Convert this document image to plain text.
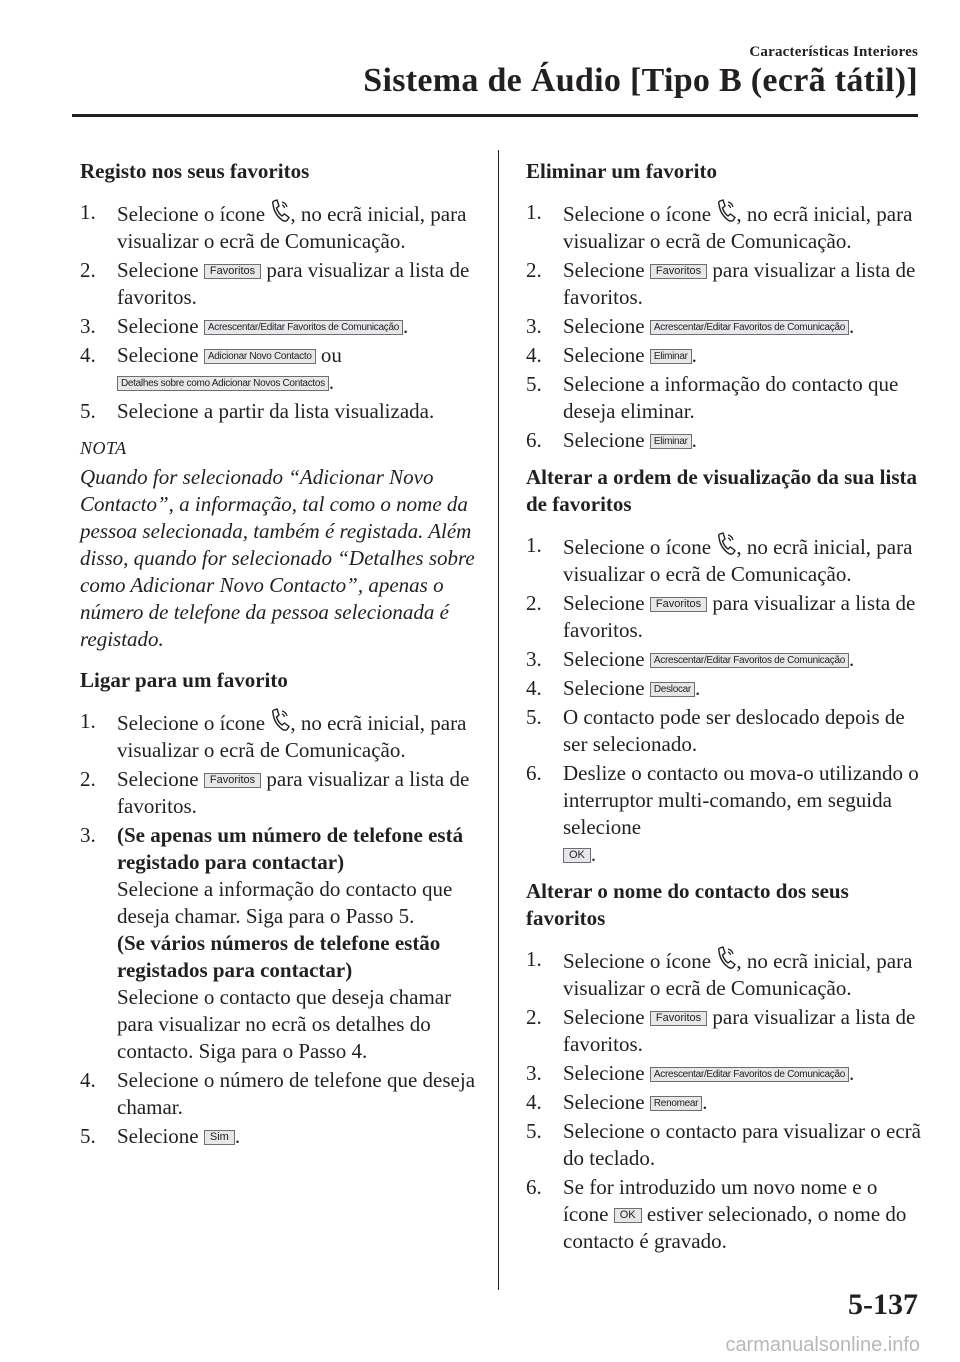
Características Interiores
Sistema de Áudio [Tipo B (ecrã tátil)]
Registo nos seus favoritos
1.	Selecione o ícone , no ecrã inicial, para visualizar o ecrã de Comunicação.
2.	Selecione Favoritos para visualizar a lista de favoritos.
3.	Selecione Acrescentar/Editar Favoritos de Comunicação .
4.	Selecione Adicionar Novo Contacto ou
Detalhes sobre como Adicionar Novos Contactos .
5.	Selecione a partir da lista visualizada.
NOTA
Quando for selecionado “Adicionar Novo Contacto”, a informação, tal como o nome da pessoa selecionada, também é registada. Além disso, quando for selecionado “Detalhes sobre como Adicionar Novo Contacto”, apenas o número de telefone da pessoa selecionada é registado.
Ligar para um favorito
1.	Selecione o ícone , no ecrã inicial, para visualizar o ecrã de Comunicação.
2.	Selecione Favoritos para visualizar a lista de favoritos.
3.	(Se apenas um número de telefone está registado para contactar)
Selecione a informação do contacto que deseja chamar. Siga para o Passo 5.
(Se vários números de telefone estão registados para contactar)
Selecione o contacto que deseja chamar para visualizar no ecrã os detalhes do contacto. Siga para o Passo 4.
4.	Selecione o número de telefone que deseja chamar.
5.	Selecione Sim .
Eliminar um favorito
1.	Selecione o ícone , no ecrã inicial, para visualizar o ecrã de Comunicação.
2.	Selecione Favoritos para visualizar a lista de favoritos.
3.	Selecione Acrescentar/Editar Favoritos de Comunicação .
4.	Selecione Eliminar .
5.	Selecione a informação do contacto que deseja eliminar.
6.	Selecione Eliminar .
Alterar a ordem de visualização da sua lista de favoritos
1.	Selecione o ícone , no ecrã inicial, para visualizar o ecrã de Comunicação.
2.	Selecione Favoritos para visualizar a lista de favoritos.
3.	Selecione Acrescentar/Editar Favoritos de Comunicação .
4.	Selecione Deslocar .
5.	O contacto pode ser deslocado depois de ser selecionado.
6.	Deslize o contacto ou mova-o utilizando o interruptor multi-comando, em seguida selecione
OK .
Alterar o nome do contacto dos seus favoritos
1.	Selecione o ícone , no ecrã inicial, para visualizar o ecrã de Comunicação.
2.	Selecione Favoritos para visualizar a lista de favoritos.
3.	Selecione Acrescentar/Editar Favoritos de Comunicação .
4.	Selecione Renomear .
5.	Selecione o contacto para visualizar o ecrã do teclado.
6.	Se for introduzido um novo nome e o ícone OK estiver selecionado, o nome do contacto é gravado.
5-137
carmanualsonline.info
